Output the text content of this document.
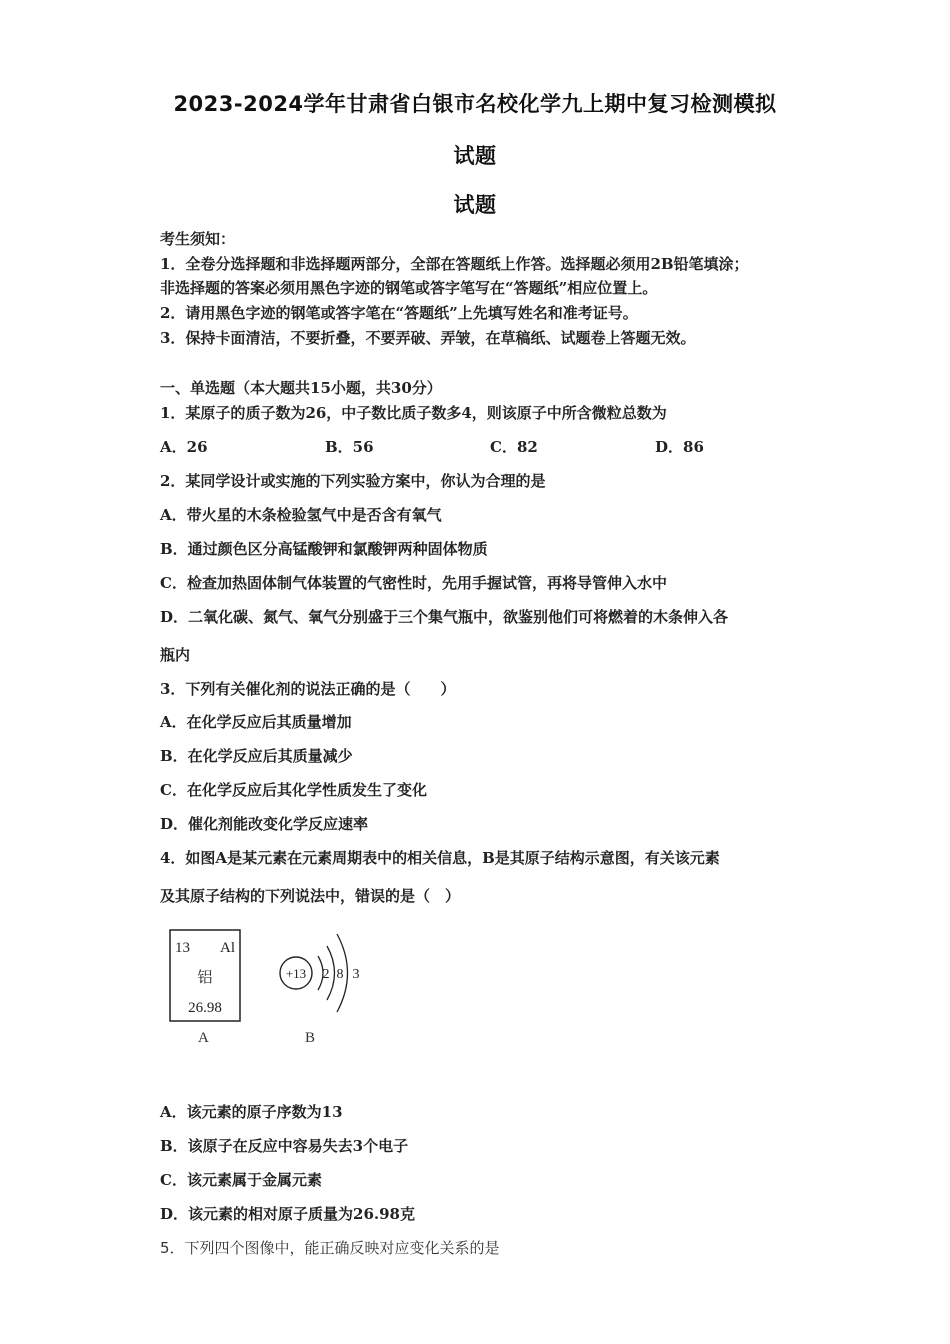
2023-2024学年甘肃省白银市名校化学九上期中复习检测模拟
试题
试题
考生须知：
1．全卷分选择题和非选择题两部分，全部在答题纸上作答。选择题必须用2B铅笔填涂；
非选择题的答案必须用黑色字迹的钢笔或答字笔写在“答题纸”相应位置上。
2．请用黑色字迹的钢笔或答字笔在“答题纸”上先填写姓名和准考证号。
3．保持卡面清洁，不要折叠，不要弄破、弄皱，在草稿纸、试题卷上答题无效。
一、单选题（本大题共15小题，共30分）
1．某原子的质子数为26，中子数比质子数多4，则该原子中所含微粒总数为
A．26	B．56	C．82	D．86
2．某同学设计或实施的下列实验方案中，你认为合理的是
A．带火星的木条检验氢气中是否含有氧气
B．通过颜色区分高锰酸钾和氯酸钾两种固体物质
C．检查加热固体制气体装置的气密性时，先用手握试管，再将导管伸入水中
D．二氧化碳、氮气、氧气分别盛于三个集气瓶中，欲鉴别他们可将燃着的木条伸入各
瓶内
3．下列有关催化剂的说法正确的是（　　）
A．在化学反应后其质量增加
B．在化学反应后其质量减少
C．在化学反应后其化学性质发生了变化
D．催化剂能改变化学反应速率
4．如图A是某元素在元素周期表中的相关信息，B是其原子结构示意图，有关该元素
及其原子结构的下列说法中，错误的是（　）
13 Al
铝
26.98
A
+13 2 8 3
B
A．该元素的原子序数为13
B．该原子在反应中容易失去3个电子
C．该元素属于金属元素
D．该元素的相对原子质量为26.98克
5．下列四个图像中，能正确反映对应变化关系的是
